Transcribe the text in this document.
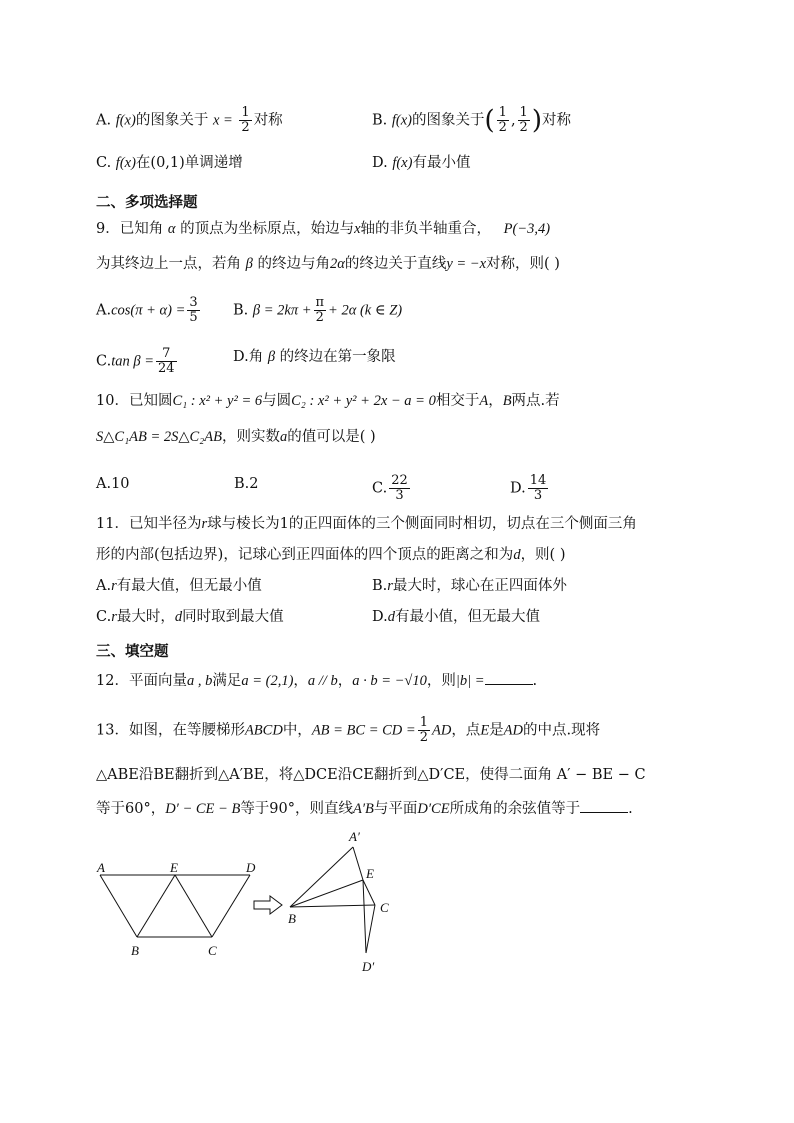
A. f(x)的图象关于 $x = \frac{1}{2}$ 对称	B. f(x)的图象关于( $\frac{1}{2}$ , $\frac{1}{2}$ )对称
C. f(x)在(0,1)单调递增	D. f(x)有最小值
二、多项选择题
9．已知角 α 的顶点为坐标原点，始边与x轴的非负半轴重合， P(−3,4)
为其终边上一点，若角 β 的终边与角2α的终边关于直线y = −x对称，则( )
$A.\cos(\pi + \alpha) = \frac{3}{5} B$. $\beta = 2k\pi + \frac{\pi}{2} + 2\alpha$ (k ∈ Z)
C.tan $\beta = \frac{7}{24}$	D.角 β 的终边在第一象限
10．已知圆C₁ : x² + y² = 6与圆C₂ : x² + y² + 2x − a = 0相交于A，B两点.若
S△C₁AB = 2S△C₂AB，则实数a的值可以是( )
A.10	B.2	C. $\frac{22}{3}$	D. $\frac{14}{3}$
11．已知半径为r球与棱长为1的正四面体的三个侧面同时相切，切点在三个侧面三角
形的内部(包括边界)，记球心到正四面体的四个顶点的距离之和为d，则( )
A.r有最大值，但无最小值	B.r最大时，球心在正四面体外
C.r最大时，d同时取到最大值	D.d有最小值，但无最大值
三、填空题
12．平面向量a , b满足a = (2,1)，a // b，a · b = −√10，则|b| =	.
13．如图，在等腰梯形ABCD中，AB = BC = CD = $\frac{1}{2}$ AD，点E是AD的中点.现将
△ABE沿BE翻折到△A′BE，将△DCE沿CE翻折到△D′CE，使得二面角 A′ − BE − C
等于60°，D′ − CE − B等于90°，则直线A′B与平面D′CE所成角的余弦值等于	.
A	E	D
B	C
A′
E
B
C
D′
